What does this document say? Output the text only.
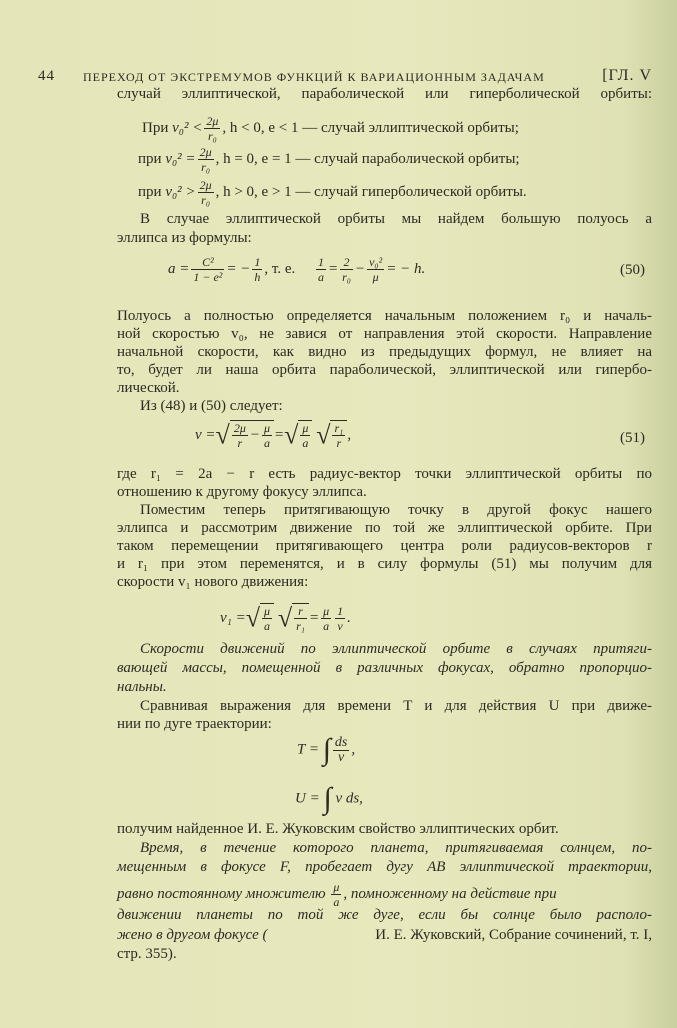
44 ПЕРЕХОД ОТ ЭКСТРЕМУМОВ ФУНКЦИЙ К ВАРИАЦИОННЫМ ЗАДАЧАМ	[ГЛ. V
случай эллиптической, параболической или гиперболической орбиты:
При $v_0^2 < \frac{2\mu}{\text{r₀}}$ , h < 0, e < 1 — случай эллиптической орбиты;
при $v_0^2 = \frac{2\mu}{\text{r₀}}$ , h = 0, e = 1 — случай параболической орбиты;
при $v_0^2 > \frac{2\mu}{\text{r₀}}$ , h > 0, e > 1 — случай гиперболической орбиты.
В случае эллиптической орбиты мы найдем большую полуось a
эллипса из формулы:
$a = \frac{\text{C²}}{\text{1 − e²}}$ = − $\frac{1}{h}$ , т. е. $\frac{1}{a} = \frac{2}{\text{r₀}} - \frac{\text{v₀²}}{\mu}$ = − h.	(50)
Полуось a полностью определяется начальным положением r₀ и началь-
ной скоростью v₀, не завися от направления этой скорости. Направление
начальной скорости, как видно из предыдущих формул, не влияет на
то, будет ли наша орбита параболической, эллиптической или гипербо-
лической.
Из (48) и (50) следует:
v =√ $\frac{2\mu}{r} - \frac{\mu}{a}$ =√ $\frac{\mu}{a}$ √ $\frac{\text{r₁}}{r}$ ,	(51)
где r₁ = 2a − r есть радиус-вектор точки эллиптической орбиты по
отношению к другому фокусу эллипса.
Поместим теперь притягивающую точку в другой фокус нашего
эллипса и рассмотрим движение по той же эллиптической орбите. При
таком перемещении притягивающего центра роли радиусов-векторов r
и r₁ при этом переменятся, и в силу формулы (51) мы получим для
скорости v₁ нового движения:
v₁ =√ $\frac{\mu}{a}$ √ $\frac{r}{\text{r₁}} = \frac{\mu}{a} \frac{1}{v}$ .
Скорости движений по эллиптической орбите в случаях притяги-
вающей массы, помещенной в различных фокусах, обратно пропорцио-
нальны.
Сравнивая выражения для времени T и для действия U при движе-
нии по дуге траектории:
T = ∫ $\frac{ds}{v}$ ,
U = ∫ v ds,
получим найденное И. Е. Жуковским свойство эллиптических орбит.
Время, в течение которого планета, притягиваемая солнцем, по-
мещенным в фокусе F, пробегает дугу AB эллиптической траектории,
равно постоянному множителю $\frac{\mu}{a}$ , помноженному на действие при
движении планеты по той же дуге, если бы солнце было располо-
жено в другом фокусе (	И. Е. Жуковский, Собрание сочинений, т. I,
стр. 355).
